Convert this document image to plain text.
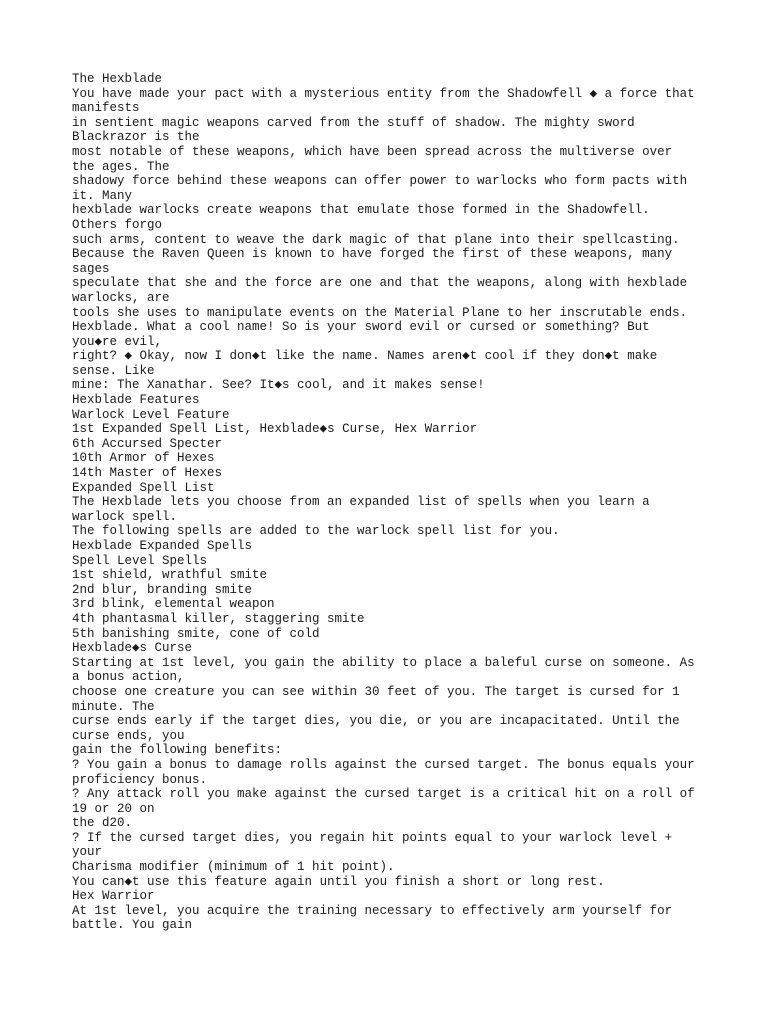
The Hexblade
You have made your pact with a mysterious entity from the Shadowfell ◆ a force that
manifests
in sentient magic weapons carved from the stuff of shadow. The mighty sword
Blackrazor is the
most notable of these weapons, which have been spread across the multiverse over
the ages. The
shadowy force behind these weapons can offer power to warlocks who form pacts with
it. Many
hexblade warlocks create weapons that emulate those formed in the Shadowfell.
Others forgo
such arms, content to weave the dark magic of that plane into their spellcasting.
Because the Raven Queen is known to have forged the first of these weapons, many
sages
speculate that she and the force are one and that the weapons, along with hexblade
warlocks, are
tools she uses to manipulate events on the Material Plane to her inscrutable ends.
Hexblade. What a cool name! So is your sword evil or cursed or something? But
you◆re evil,
right? ◆ Okay, now I don◆t like the name. Names aren◆t cool if they don◆t make
sense. Like
mine: The Xanathar. See? It◆s cool, and it makes sense!
Hexblade Features
Warlock Level Feature
1st Expanded Spell List, Hexblade◆s Curse, Hex Warrior
6th Accursed Specter
10th Armor of Hexes
14th Master of Hexes
Expanded Spell List
The Hexblade lets you choose from an expanded list of spells when you learn a
warlock spell.
The following spells are added to the warlock spell list for you.
Hexblade Expanded Spells
Spell Level Spells
1st shield, wrathful smite
2nd blur, branding smite
3rd blink, elemental weapon
4th phantasmal killer, staggering smite
5th banishing smite, cone of cold
Hexblade◆s Curse
Starting at 1st level, you gain the ability to place a baleful curse on someone. As
a bonus action,
choose one creature you can see within 30 feet of you. The target is cursed for 1
minute. The
curse ends early if the target dies, you die, or you are incapacitated. Until the
curse ends, you
gain the following benefits:
? You gain a bonus to damage rolls against the cursed target. The bonus equals your
proficiency bonus.
? Any attack roll you make against the cursed target is a critical hit on a roll of
19 or 20 on
the d20.
? If the cursed target dies, you regain hit points equal to your warlock level +
your
Charisma modifier (minimum of 1 hit point).
You can◆t use this feature again until you finish a short or long rest.
Hex Warrior
At 1st level, you acquire the training necessary to effectively arm yourself for
battle. You gain
